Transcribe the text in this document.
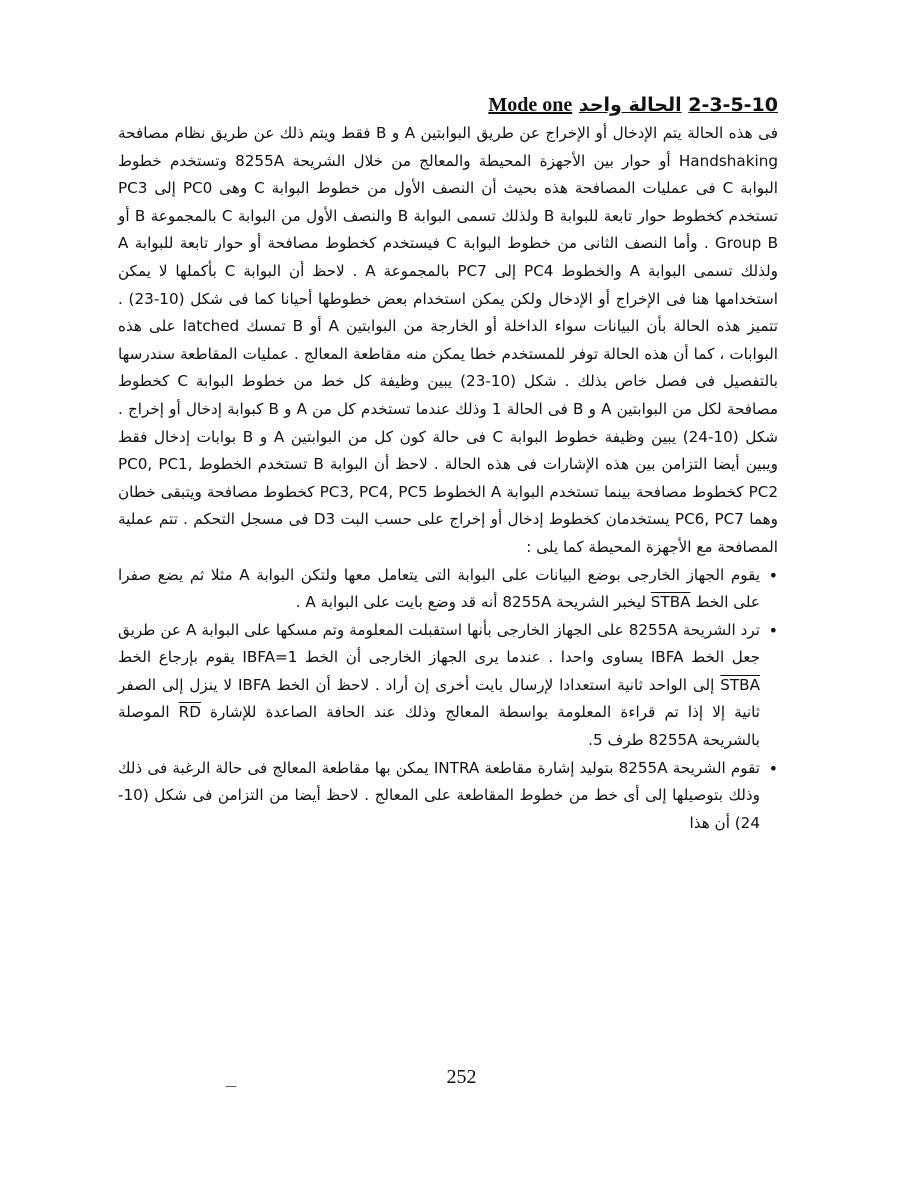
2-3-5-10 الحالة واحد Mode one

فى هذه الحالة يتم الإدخال أو الإخراج عن طريق البوابتين A و B فقط ويتم ذلك عن طريق نظام مصافحة Handshaking أو حوار بين الأجهزة المحيطة والمعالج من خلال الشريحة 8255A وتستخدم خطوط البوابة C فى عمليات المصافحة هذه بحيث أن النصف الأول من خطوط البوابة C وهى PC0 إلى PC3 تستخدم كخطوط حوار تابعة للبوابة B ولذلك تسمى البوابة B والنصف الأول من البوابة C بالمجموعة B أو Group B . وأما النصف الثانى من خطوط البوابة C فيستخدم كخطوط مصافحة أو حوار تابعة للبوابة A ولذلك تسمى البوابة A والخطوط PC4 إلى PC7 بالمجموعة A . لاحظ أن البوابة C بأكملها لا يمكن استخدامها هنا فى الإخراج أو الإدخال ولكن يمكن استخدام بعض خطوطها أحيانا كما فى شكل (10-23) . تتميز هذه الحالة بأن البيانات سواء الداخلة أو الخارجة من البوابتين A أو B تمسك latched على هذه البوابات ، كما أن هذه الحالة توفر للمستخدم خطا يمكن منه مقاطعة المعالج . عمليات المقاطعة سندرسها بالتفصيل فى فصل خاص بذلك . شكل (10-23) يبين وظيفة كل خط من خطوط البوابة C كخطوط مصافحة لكل من البوابتين A و B فى الحالة 1 وذلك عندما تستخدم كل من A و B كبوابة إدخال أو إخراج . شكل (10-24) يبين وظيفة خطوط البوابة C فى حالة كون كل من البوابتين A و B بوابات إدخال فقط ويبين أيضا التزامن بين هذه الإشارات فى هذه الحالة . لاحظ أن البوابة B تستخدم الخطوط PC0, PC1, PC2 كخطوط مصافحة بينما تستخدم البوابة A الخطوط PC3, PC4, PC5 كخطوط مصافحة ويتبقى خطان وهما PC6, PC7 يستخدمان كخطوط إدخال أو إخراج على حسب البت D3 فى مسجل التحكم . تتم عملية المصافحة مع الأجهزة المحيطة كما يلى :

• يقوم الجهاز الخارجى بوضع البيانات على البوابة التى يتعامل معها ولتكن البوابة A مثلا ثم يضع صفرا على الخط STBA ليخبر الشريحة 8255A أنه قد وضع بايت على البوابة A .
• ترد الشريحة 8255A على الجهاز الخارجى بأنها استقبلت المعلومة وتم مسكها على البوابة A عن طريق جعل الخط IBFA يساوى واحدا . عندما يرى الجهاز الخارجى أن الخط IBFA=1 يقوم بإرجاع الخط STBA إلى الواحد ثانية استعدادا لإرسال بايت أخرى إن أراد . لاحظ أن الخط IBFA لا ينزل إلى الصفر ثانية إلا إذا تم قراءة المعلومة بواسطة المعالج وذلك عند الحافة الصاعدة للإشارة RD الموصلة بالشريحة 8255A طرف 5.
• تقوم الشريحة 8255A بتوليد إشارة مقاطعة INTRA يمكن بها مقاطعة المعالج فى حالة الرغبة فى ذلك وذلك بتوصيلها إلى أى خط من خطوط المقاطعة على المعالج . لاحظ أيضا من التزامن فى شكل (10-24) أن هذا
252
